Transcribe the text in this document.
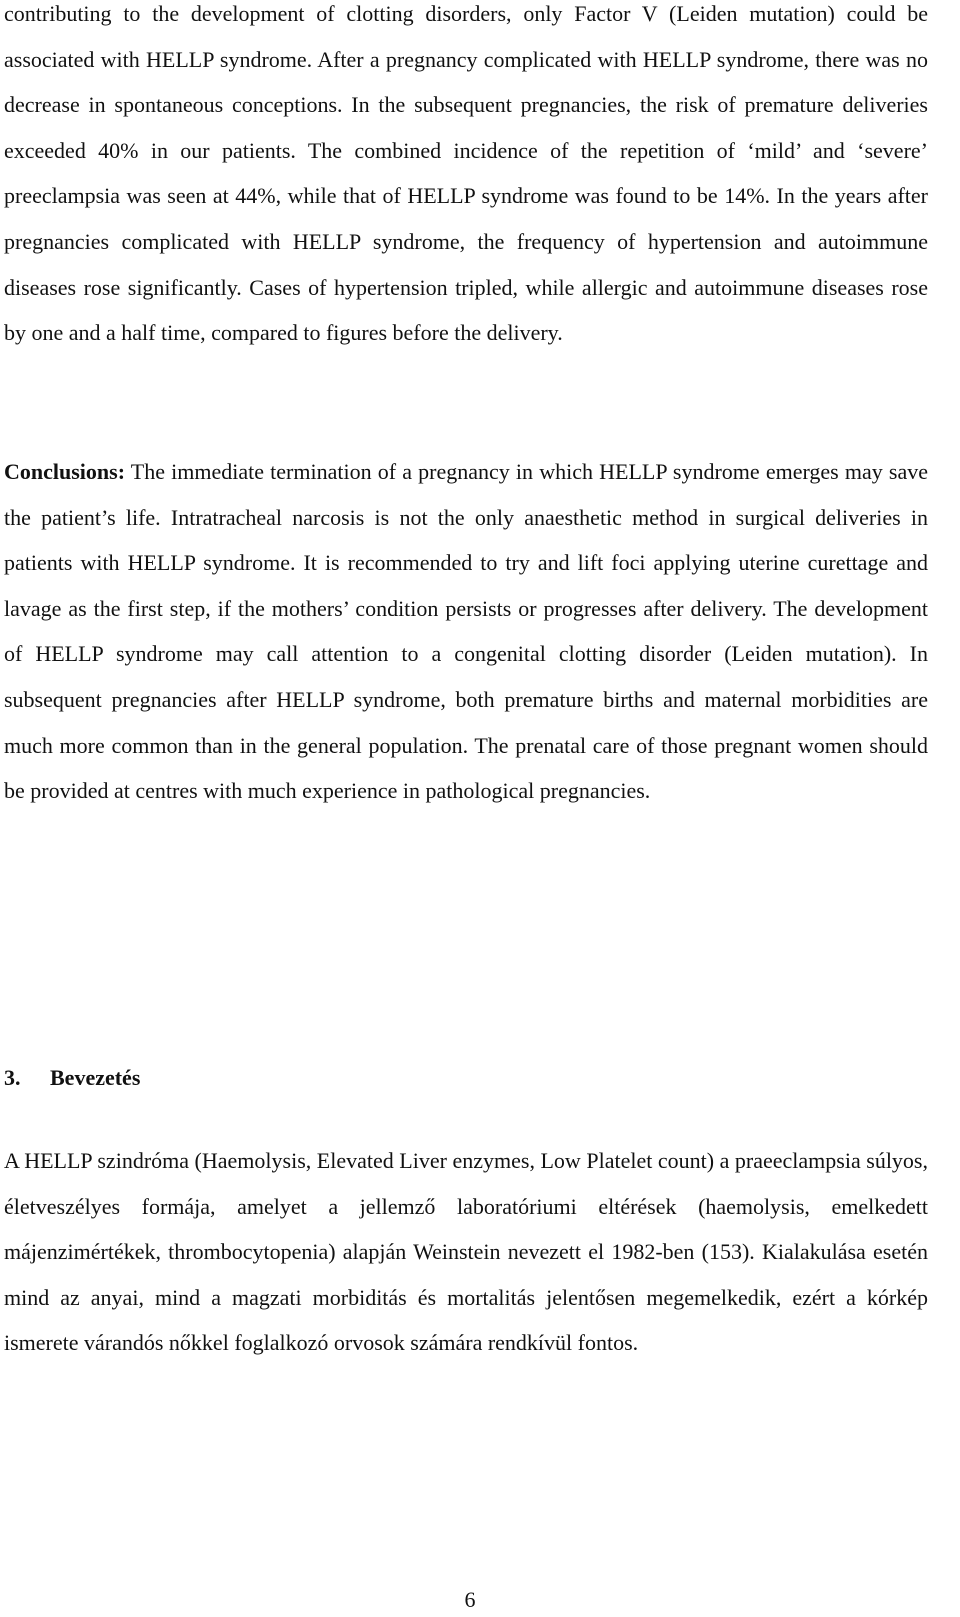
contributing to the development of clotting disorders, only Factor V (Leiden mutation) could be associated with HELLP syndrome. After a pregnancy complicated with HELLP syndrome, there was no decrease in spontaneous conceptions. In the subsequent pregnancies, the risk of premature deliveries exceeded 40% in our patients. The combined incidence of the repetition of ‘mild’ and ‘severe’ preeclampsia was seen at 44%, while that of HELLP syndrome was found to be 14%. In the years after pregnancies complicated with HELLP syndrome, the frequency of hypertension and autoimmune diseases rose significantly. Cases of hypertension tripled, while allergic and autoimmune diseases rose by one and a half time, compared to figures before the delivery.

Conclusions: The immediate termination of a pregnancy in which HELLP syndrome emerges may save the patient’s life. Intratracheal narcosis is not the only anaesthetic method in surgical deliveries in patients with HELLP syndrome. It is recommended to try and lift foci applying uterine curettage and lavage as the first step, if the mothers’ condition persists or progresses after delivery. The development of HELLP syndrome may call attention to a congenital clotting disorder (Leiden mutation). In subsequent pregnancies after HELLP syndrome, both premature births and maternal morbidities are much more common than in the general population. The prenatal care of those pregnant women should be provided at centres with much experience in pathological pregnancies.

3. Bevezetés

A HELLP szindróma (Haemolysis, Elevated Liver enzymes, Low Platelet count) a praeeclampsia súlyos, életveszélyes formája, amelyet a jellemző laboratóriumi eltérések (haemolysis, emelkedett májenzimértékek, thrombocytopenia) alapján Weinstein nevezett el 1982-ben (153). Kialakulása esetén mind az anyai, mind a magzati morbiditás és mortalitás jelentősen megemelkedik, ezért a kórkép ismerete várandós nőkkel foglalkozó orvosok számára rendkívül fontos.

6
